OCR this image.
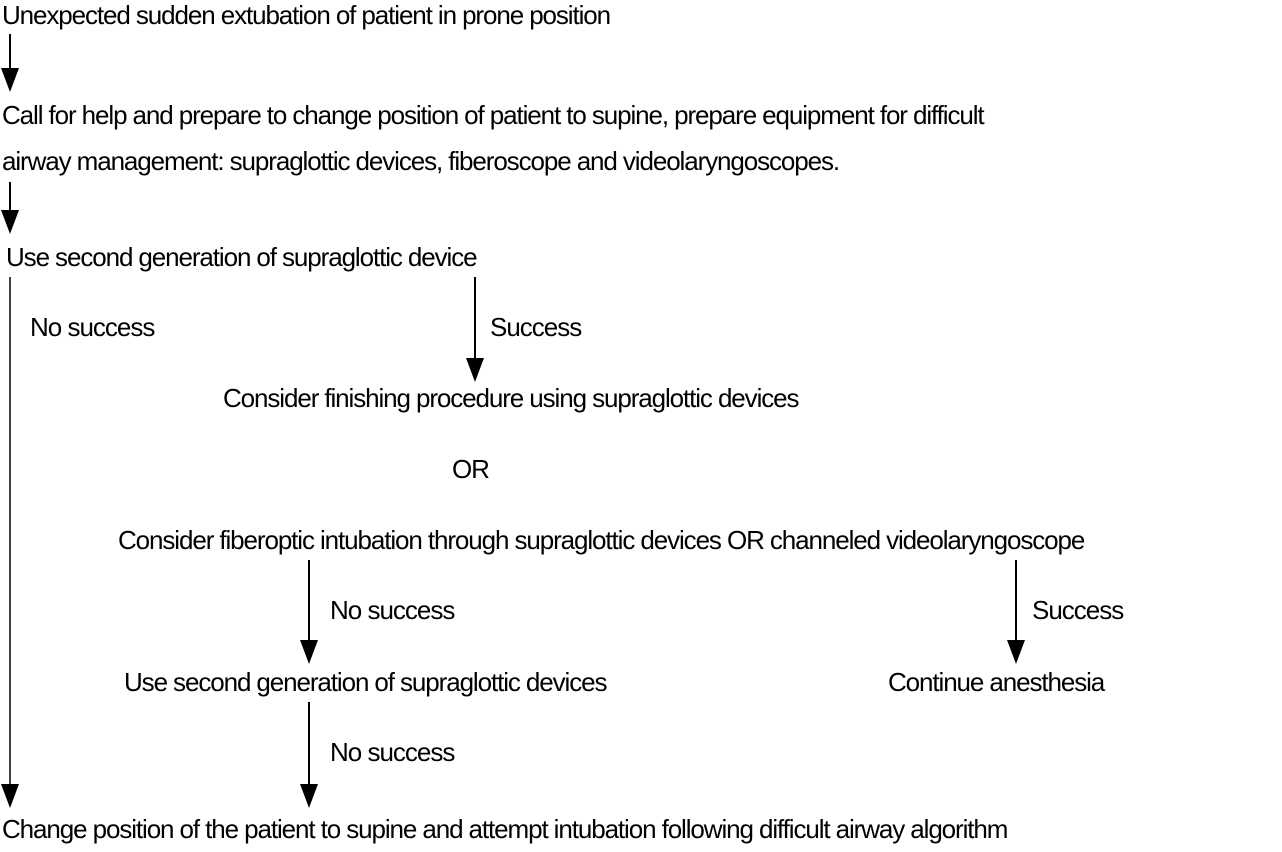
Unexpected sudden extubation of patient in prone position
Call for help and prepare to change position of patient to supine, prepare equipment for difficult
airway management: supraglottic devices, fiberoscope and videolaryngoscopes.
Use second generation of supraglottic device
No success	Success
Consider finishing procedure using supraglottic devices
OR
Consider fiberoptic intubation through supraglottic devices OR channeled videolaryngoscope
No success	Success
Use second generation of supraglottic devices	Continue anesthesia
No success
Change position of the patient to supine and attempt intubation following difficult airway algorithm
